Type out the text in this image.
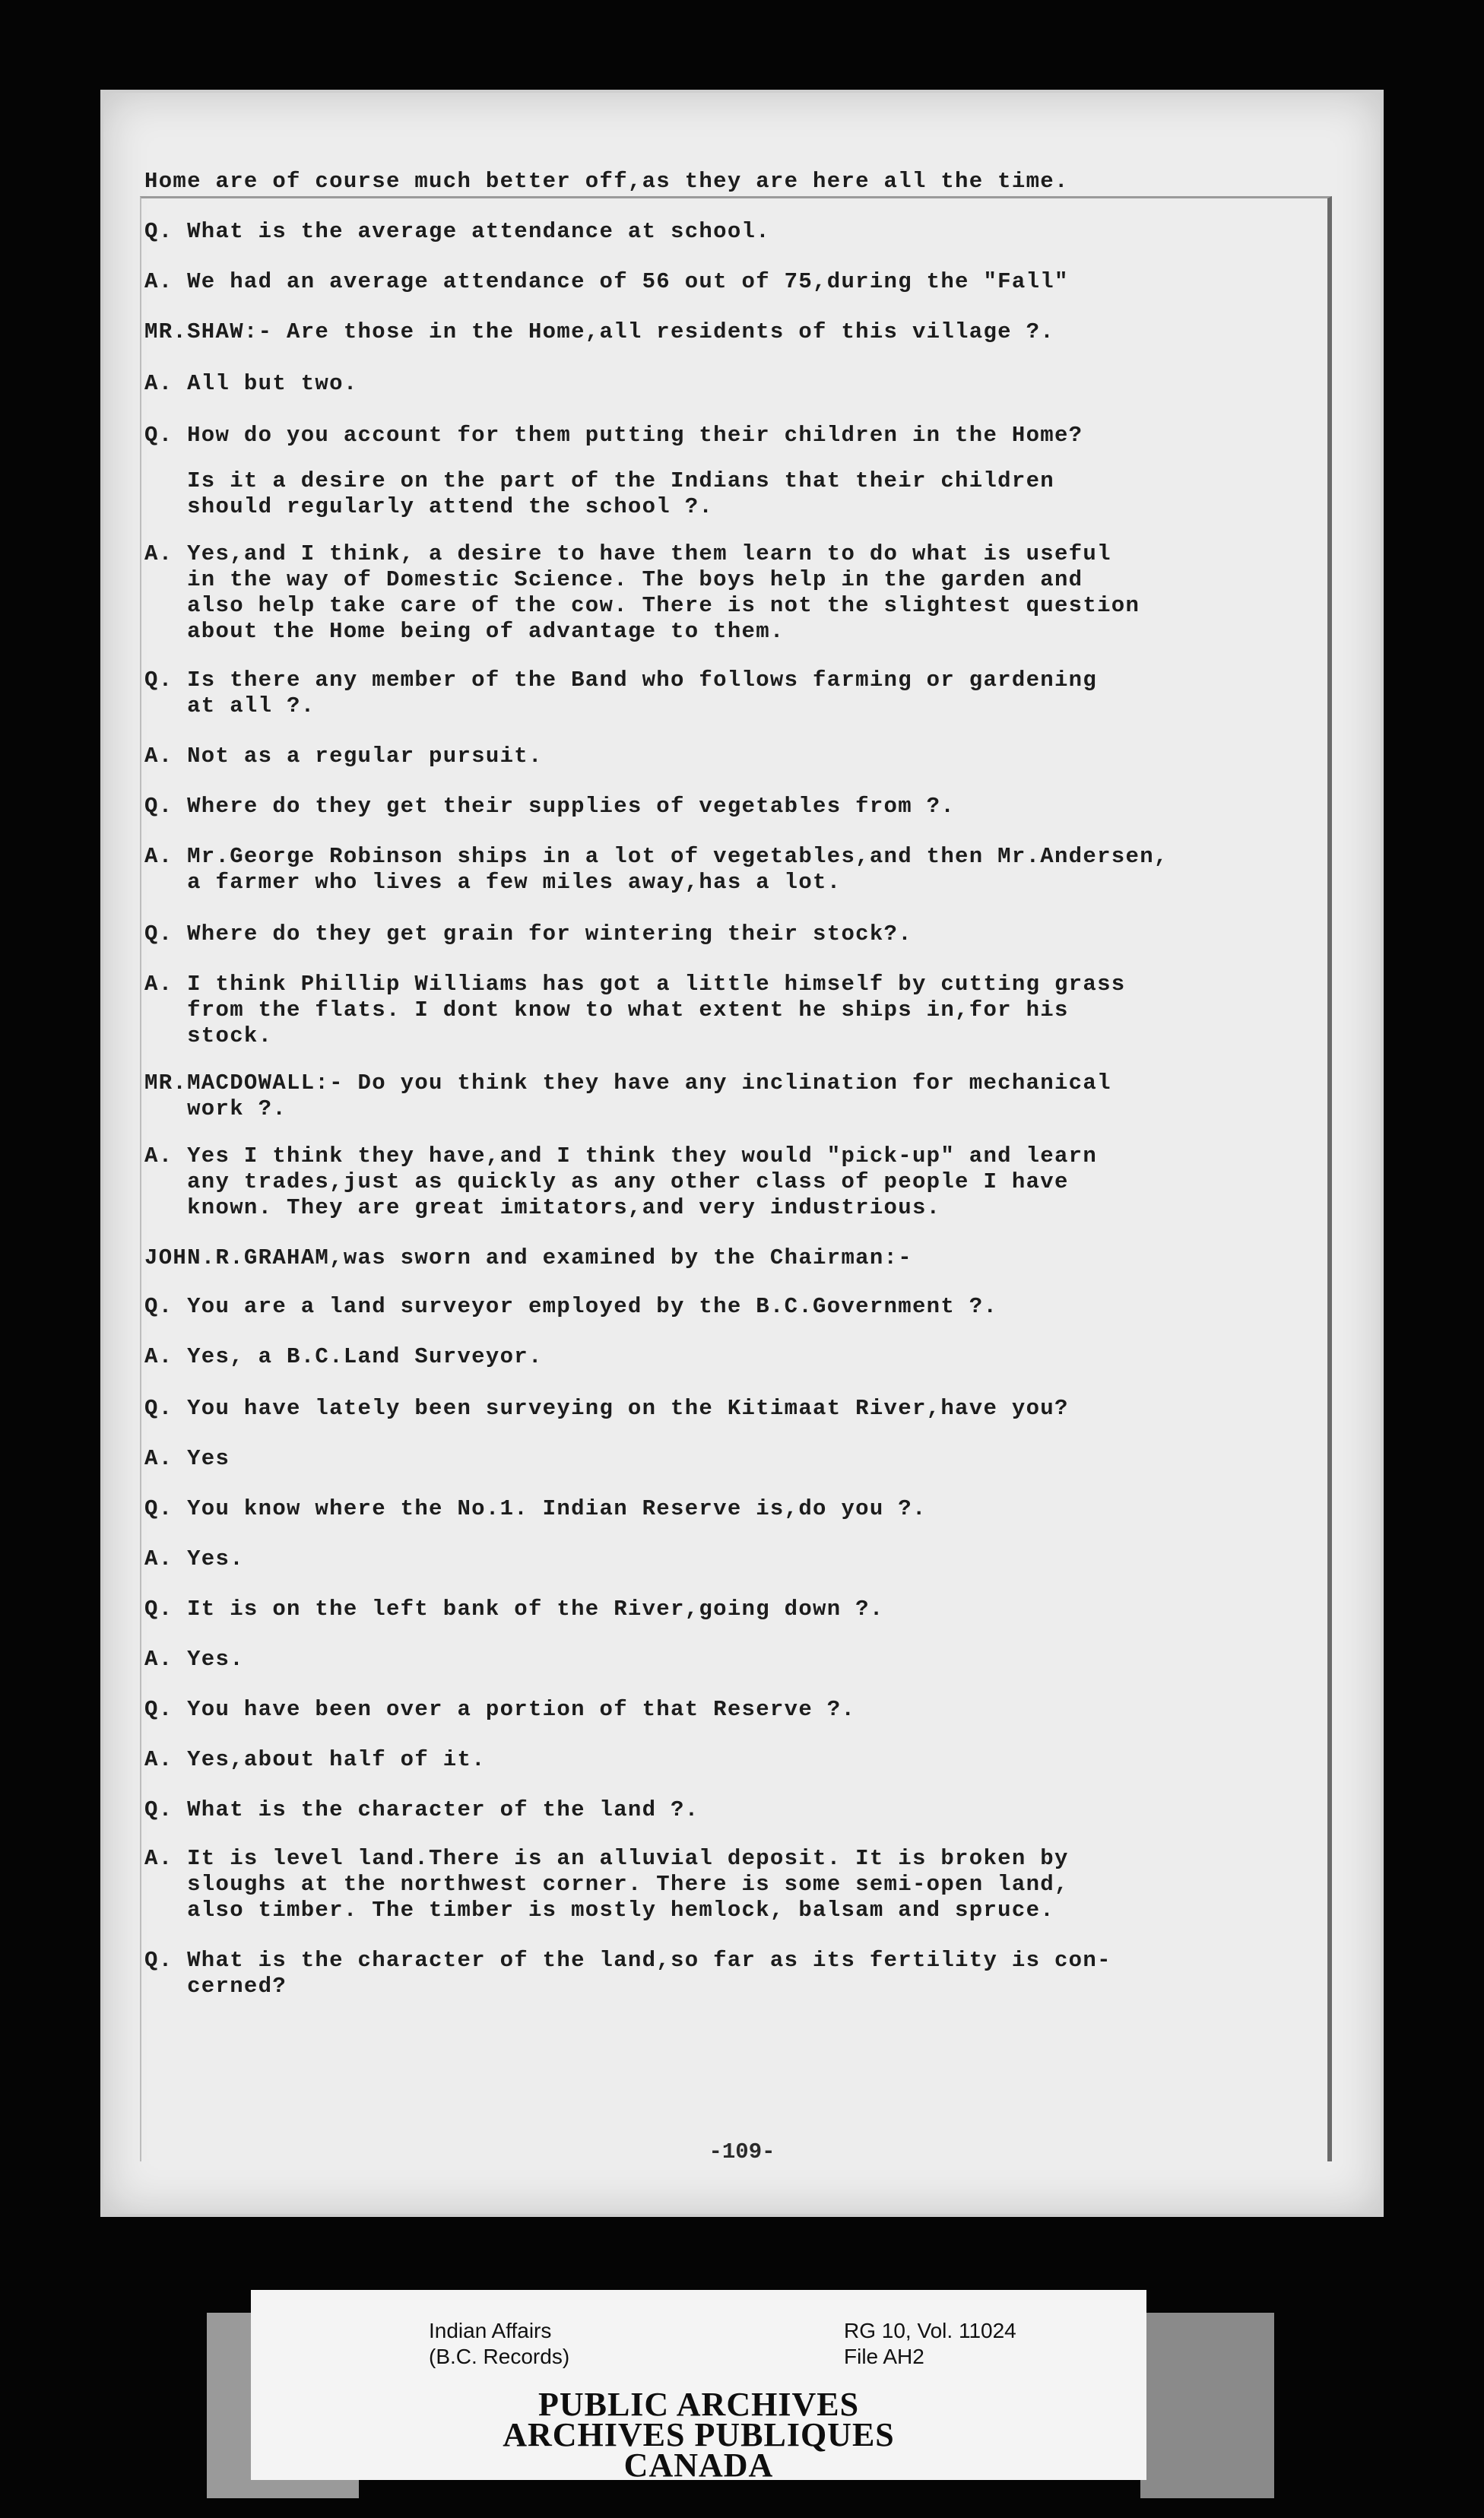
-109-
Home are of course much better off,as they are here all the time.
Q. What is the average attendance at school.
A. We had an average attendance of 56 out of 75,during the "Fall"
MR.SHAW:- Are those in the Home,all residents of this village ?.
A. All but two.
Q. How do you account for them putting their children in the Home?
Is it a desire on the part of the Indians that their children
should regularly attend the school ?.
A. Yes,and I think, a desire to have them learn to do what is useful
in the way of Domestic Science. The boys help in the garden and
also help take care of the cow. There is not the slightest question
about the Home being of advantage to them.
Q. Is there any member of the Band who follows farming or gardening
at all ?.
A. Not as a regular pursuit.
Q. Where do they get their supplies of vegetables from ?.
A. Mr.George Robinson ships in a lot of vegetables,and then Mr.Andersen,
a farmer who lives a few miles away,has a lot.
Q. Where do they get grain for wintering their stock?.
A. I think Phillip Williams has got a little himself by cutting grass
from the flats. I dont know to what extent he ships in,for his
stock.
MR.MACDOWALL:- Do you think they have any inclination for mechanical
work ?.
A. Yes I think they have,and I think they would "pick-up" and learn
any trades,just as quickly as any other class of people I have
known. They are great imitators,and very industrious.
JOHN.R.GRAHAM,was sworn and examined by the Chairman:-
Q. You are a land surveyor employed by the B.C.Government ?.
A. Yes, a B.C.Land Surveyor.
Q. You have lately been surveying on the Kitimaat River,have you?
A. Yes
Q. You know where the No.1. Indian Reserve is,do you ?.
A. Yes.
Q. It is on the left bank of the River,going down ?.
A. Yes.
Q. You have been over a portion of that Reserve ?.
A. Yes,about half of it.
Q. What is the character of the land ?.
A. It is level land.There is an alluvial deposit. It is broken by
sloughs at the northwest corner. There is some semi-open land,
also timber. The timber is mostly hemlock, balsam and spruce.
Q. What is the character of the land,so far as its fertility is con-
cerned?
Indian Affairs
(B.C. Records)
RG 10, Vol. 11024
File AH2
PUBLIC ARCHIVES
ARCHIVES PUBLIQUES
CANADA
